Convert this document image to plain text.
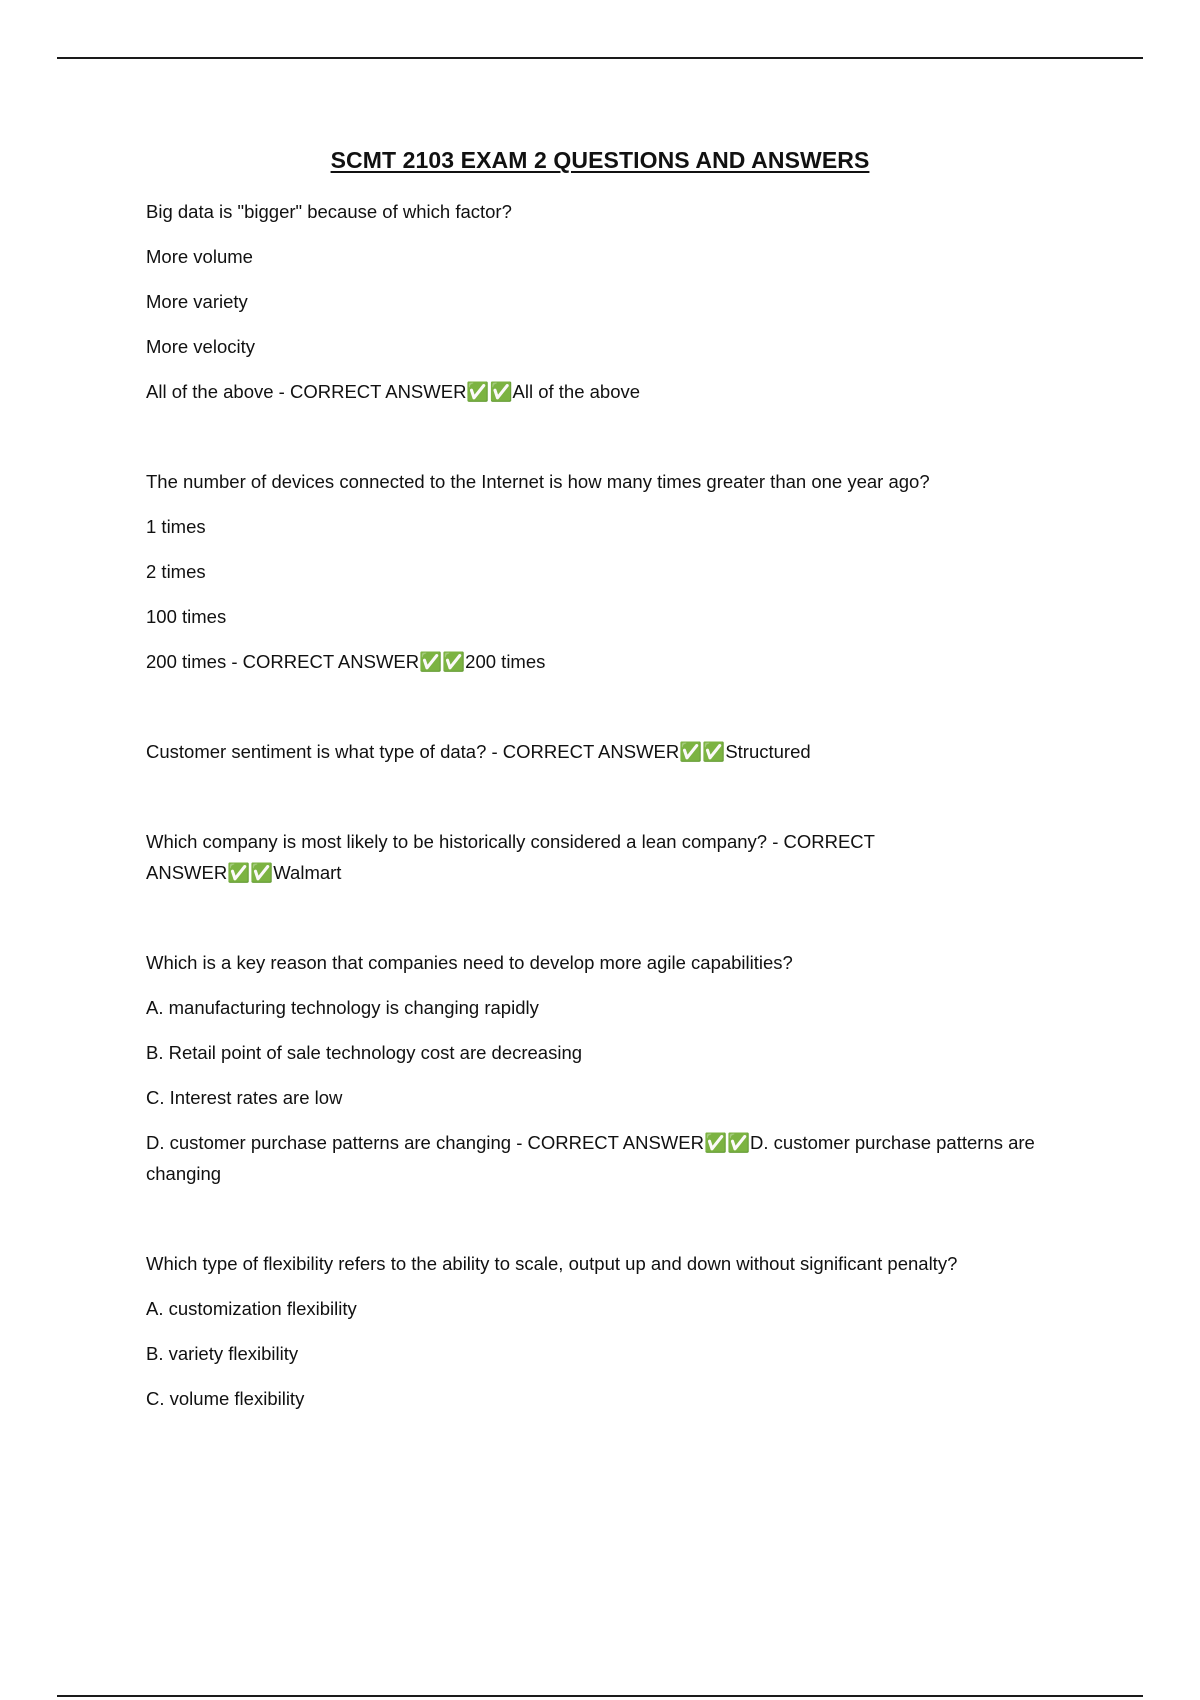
SCMT 2103 EXAM 2 QUESTIONS AND ANSWERS
Big data is "bigger" because of which factor?
More volume
More variety
More velocity
All of the above - CORRECT ANSWER✅✅All of the above
The number of devices connected to the Internet is how many times greater than one year ago?
1 times
2 times
100 times
200 times - CORRECT ANSWER✅✅200 times
Customer sentiment is what type of data? - CORRECT ANSWER✅✅Structured
Which company is most likely to be historically considered a lean company? - CORRECT ANSWER✅✅Walmart
Which is a key reason that companies need to develop more agile capabilities?
A. manufacturing technology is changing rapidly
B. Retail point of sale technology cost are decreasing
C. Interest rates are low
D. customer purchase patterns are changing - CORRECT ANSWER✅✅D. customer purchase patterns are changing
Which type of flexibility refers to the ability to scale, output up and down without significant penalty?
A. customization flexibility
B. variety flexibility
C. volume flexibility
